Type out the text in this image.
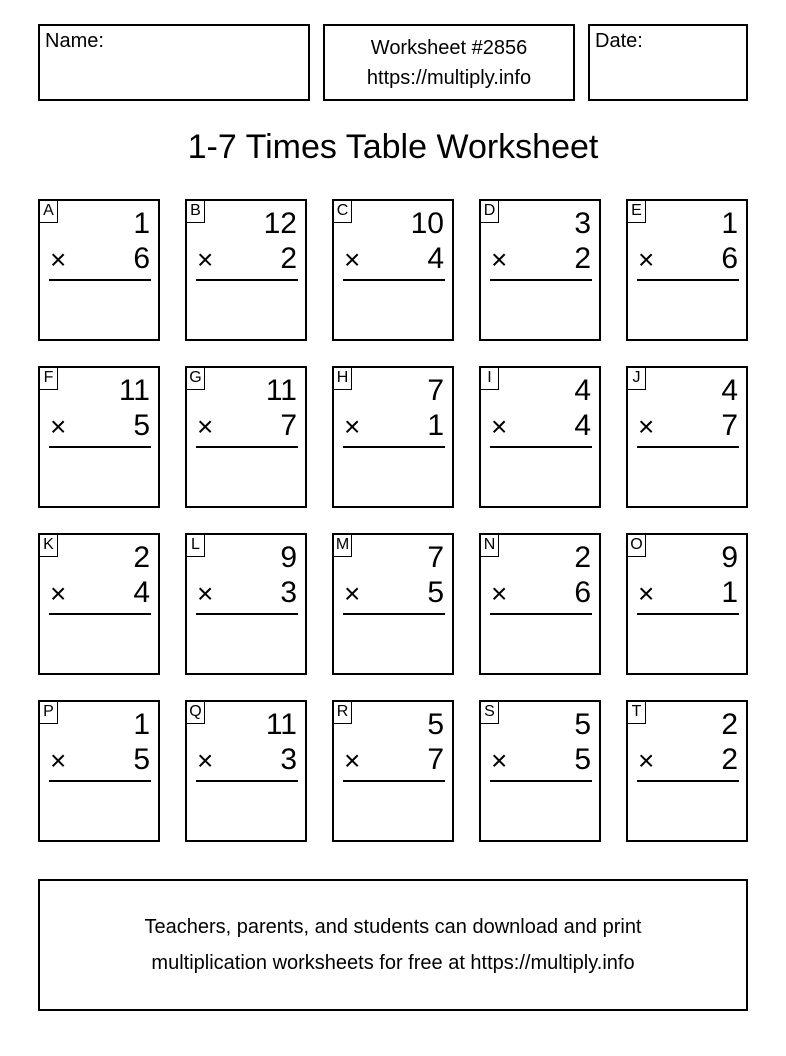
Name:	Worksheet #2856
https://multiply.info
Date:
1-7 Times Table Worksheet
A	1
× 6
B 12
× 2
C 10
× 4
D	3
× 2
E	1
× 6
F 11
× 5
G 11
× 7
H	7
× 1
I	4
× 4
J	4
× 7
K	2
× 4
L	9
× 3
M	7
× 5
N	2
× 6
O	9
× 1
P	1
× 5
Q 11
× 3
R	5
× 7
S	5
× 5
T	2
× 2
Teachers, parents, and students can download and print
multiplication worksheets for free at https://multiply.info
